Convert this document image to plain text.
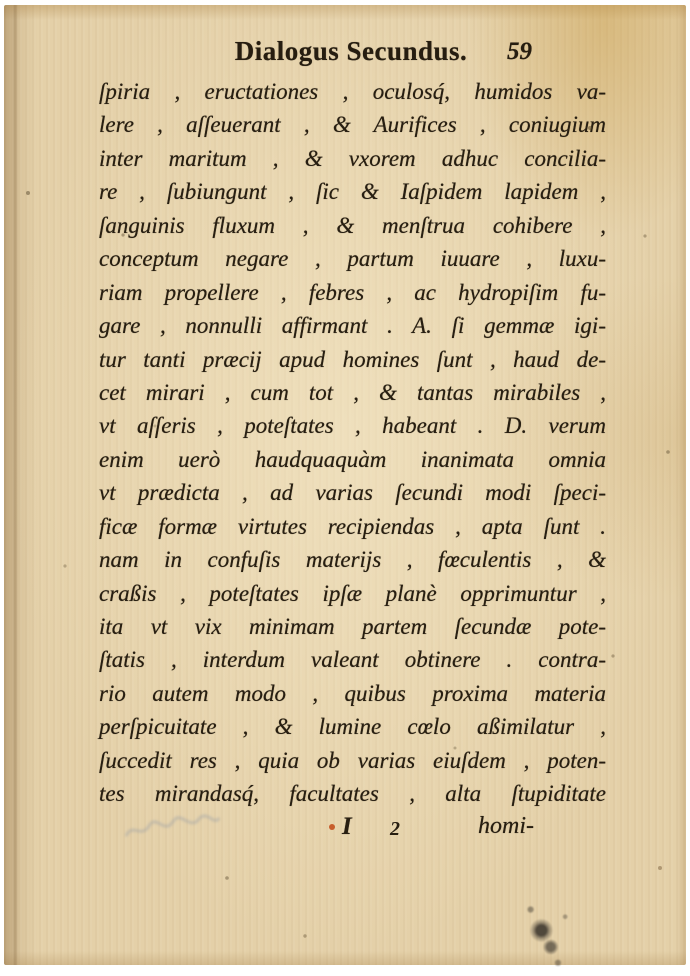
Dialogus Secundus. 59
ſpiria , eructationes , oculosq́, humidos va-
lere , aſſeuerant , & Aurifices , coniugium
inter maritum , & vxorem adhuc concilia-
re , ſubiungunt , ſic & Iaſpidem lapidem ,
ſanguinis fluxum , & menſtrua cohibere ,
conceptum negare , partum iuuare , luxu-
riam propellere , febres , ac hydropiſim fu-
gare , nonnulli affirmant . A. ſi gemmæ igi-
tur tanti præcij apud homines ſunt , haud de-
cet mirari , cum tot , & tantas mirabiles ,
vt aſſeris , poteſtates , habeant . D. verum
enim uerò haudquaquàm inanimata omnia
vt prædicta , ad varias ſecundi modi ſpeci-
ficæ formæ virtutes recipiendas , apta ſunt .
nam in confuſis materijs , fœculentis , &
craßis , poteſtates ipſæ planè opprimuntur ,
ita vt vix minimam partem ſecundæ pote-
ſtatis , interdum valeant obtinere . contra-
rio autem modo , quibus proxima materia
perſpicuitate , & lumine cœlo aßimilatur ,
ſuccedit res , quia ob varias eiuſdem , poten-
tes mirandasq́, facultates , alta ſtupiditate
I 2	homi-
